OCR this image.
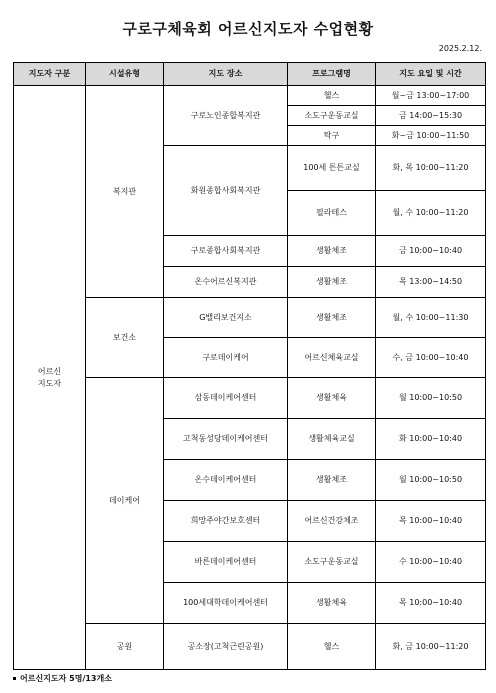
구로구체육회 어르신지도자 수업현황
2025.2.12.
지도자 구분	시설유형	지도 장소	프로그램명	지도 요일 및 시간
어르신
지도자	복지관	구로노인종합복지관	헬스	월~금 13:00~17:00
			소도구운동교실	금 14:00~15:30
			탁구	화~금 10:00~11:50
		화원종합사회복지관	100세 튼튼교실	화, 목 10:00~11:20
			필라테스	월, 수 10:00~11:20
		구로종합사회복지관	생활체조	금 10:00~10:40
		온수어르신복지관	생활체조	목 13:00~14:50
	보건소	G밸리보건지소	생활체조	월, 수 10:00~11:30
		구로데이케어	어르신체육교실	수, 금 10:00~10:40
	데이케어	삼동데이케어센터	생활체육	월 10:00~10:50
		고척동성당데이케어센터	생활체육교실	화 10:00~10:40
		온수데이케어센터	생활체조	월 10:00~10:50
		희망주야간보호센터	어르신건강체조	목 10:00~10:40
		바른데이케어센터	소도구운동교실	수 10:00~10:40
		100세대학데이케어센터	생활체육	목 10:00~10:40
	공원	공소장(고척근린공원)	헬스	화, 금 10:00~11:20
어르신지도자 5명/13개소
